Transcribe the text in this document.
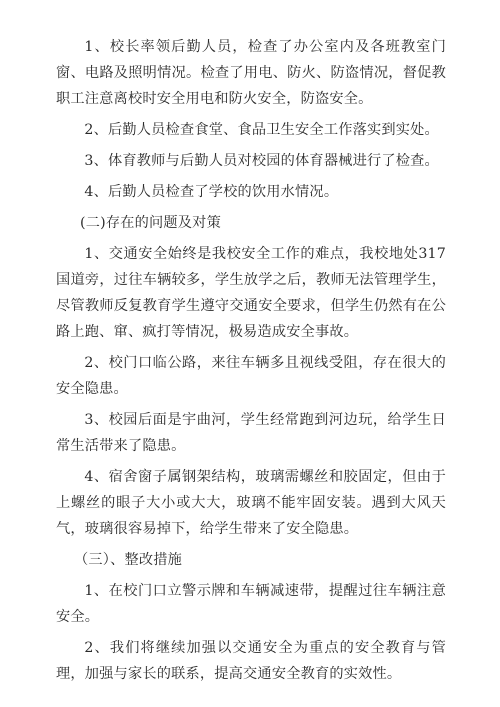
1、校长率领后勤人员，检查了办公室内及各班教室门窗、电路及照明情况。检查了用电、防火、防盗情况，督促教职工注意离校时安全用电和防火安全，防盗安全。

2、后勤人员检查食堂、食品卫生安全工作落实到实处。

3、体育教师与后勤人员对校园的体育器械进行了检查。

4、后勤人员检查了学校的饮用水情况。

(二)存在的问题及对策

1、交通安全始终是我校安全工作的难点，我校地处317国道旁，过往车辆较多，学生放学之后，教师无法管理学生，尽管教师反复教育学生遵守交通安全要求，但学生仍然有在公路上跑、窜、疯打等情况，极易造成安全事故。

2、校门口临公路，来往车辆多且视线受阻，存在很大的安全隐患。

3、校园后面是宇曲河，学生经常跑到河边玩，给学生日常生活带来了隐患。

4、宿舍窗子属钢架结构，玻璃需螺丝和胶固定，但由于上螺丝的眼子大小或大大，玻璃不能牢固安装。遇到大风天气，玻璃很容易掉下，给学生带来了安全隐患。

（三）、整改措施

1、在校门口立警示牌和车辆减速带，提醒过往车辆注意安全。

2、我们将继续加强以交通安全为重点的安全教育与管理，加强与家长的联系，提高交通安全教育的实效性。
